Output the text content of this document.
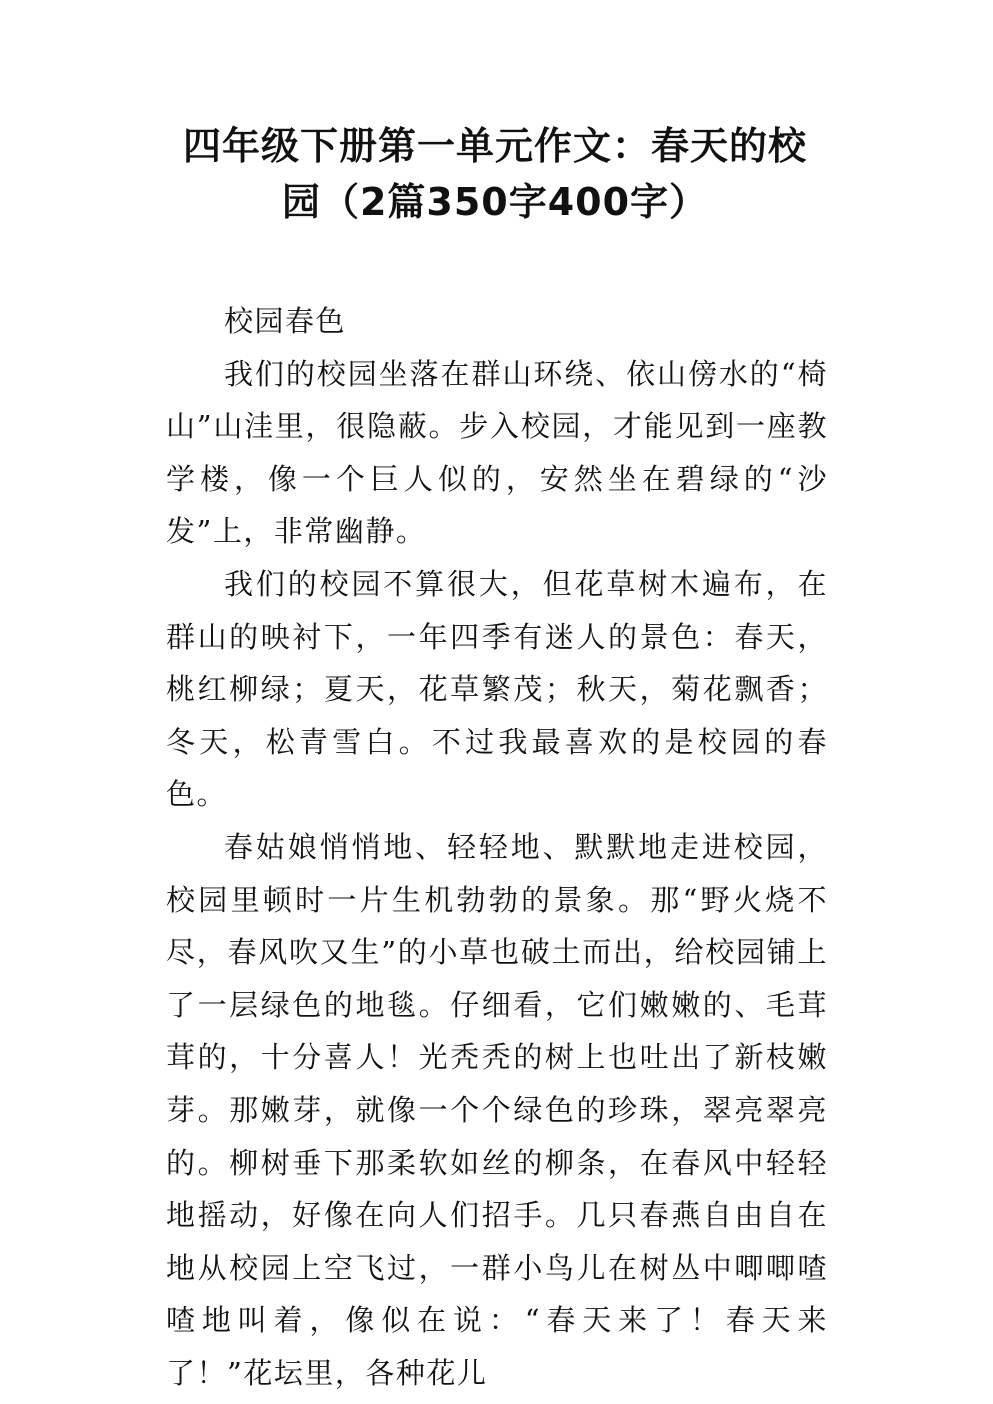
四年级下册第一单元作文：春天的校
园（2篇350字400字）

校园春色

我们的校园坐落在群山环绕、依山傍水的“椅山”山洼里，很隐蔽。步入校园，才能见到一座教学楼，像一个巨人似的，安然坐在碧绿的“沙发”上，非常幽静。

我们的校园不算很大，但花草树木遍布，在群山的映衬下，一年四季有迷人的景色：春天，桃红柳绿；夏天，花草繁茂；秋天，菊花飘香；冬天，松青雪白。不过我最喜欢的是校园的春色。

春姑娘悄悄地、轻轻地、默默地走进校园，校园里顿时一片生机勃勃的景象。那“野火烧不尽，春风吹又生”的小草也破土而出，给校园铺上了一层绿色的地毯。仔细看，它们嫩嫩的、毛茸茸的，十分喜人！光秃秃的树上也吐出了新枝嫩芽。那嫩芽，就像一个个绿色的珍珠，翠亮翠亮的。柳树垂下那柔软如丝的柳条，在春风中轻轻地摇动，好像在向人们招手。几只春燕自由自在地从校园上空飞过，一群小鸟儿在树丛中唧唧喳喳地叫着，像似在说：“春天来了！春天来了！”花坛里，各种花儿
